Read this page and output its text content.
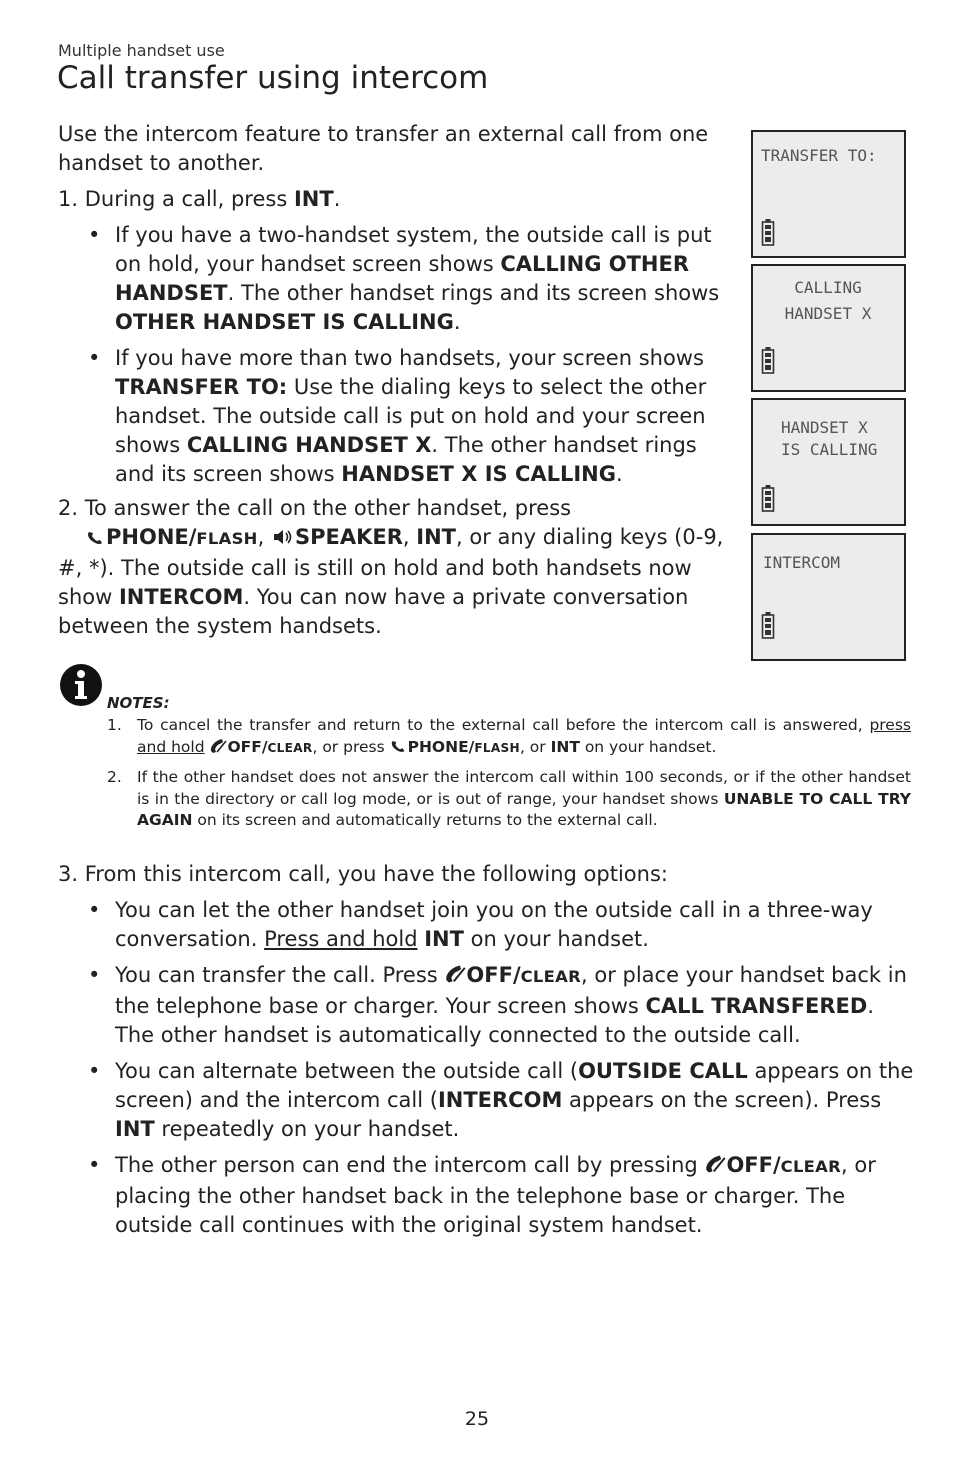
Multiple handset use
Call transfer using intercom
Use the intercom feature to transfer an external call from one handset to another.
1. During a call, press INT.
• If you have a two-handset system, the outside call is put on hold, your handset screen shows CALLING OTHER HANDSET. The other handset rings and its screen shows OTHER HANDSET IS CALLING.
• If you have more than two handsets, your screen shows TRANSFER TO: Use the dialing keys to select the other handset. The outside call is put on hold and your screen shows CALLING HANDSET X. The other handset rings and its screen shows HANDSET X IS CALLING.
2. To answer the call on the other handset, press
PHONE/FLASH, SPEAKER, INT, or any dialing keys (0-9, #, *). The outside call is still on hold and both handsets now show INTERCOM. You can now have a private conversation between the system handsets.
TRANSFER TO:
CALLING
HANDSET X
HANDSET X
IS CALLING
INTERCOM
NOTES:
1. To cancel the transfer and return to the external call before the intercom call is answered, press and hold OFF/CLEAR, or press PHONE/FLASH, or INT on your handset.
2. If the other handset does not answer the intercom call within 100 seconds, or if the other handset is in the directory or call log mode, or is out of range, your handset shows UNABLE TO CALL TRY AGAIN on its screen and automatically returns to the external call.
3. From this intercom call, you have the following options:
• You can let the other handset join you on the outside call in a three-way conversation. Press and hold INT on your handset.
• You can transfer the call. Press OFF/CLEAR, or place your handset back in the telephone base or charger. Your screen shows CALL TRANSFERED. The other handset is automatically connected to the outside call.
• You can alternate between the outside call (OUTSIDE CALL appears on the screen) and the intercom call (INTERCOM appears on the screen). Press INT repeatedly on your handset.
• The other person can end the intercom call by pressing OFF/CLEAR, or placing the other handset back in the telephone base or charger. The outside call continues with the original system handset.
25
